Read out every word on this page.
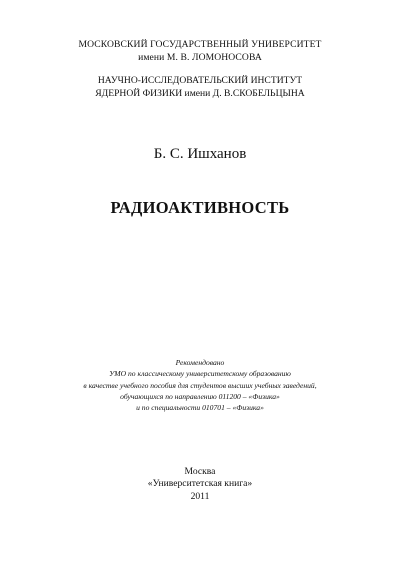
МОСКОВСКИЙ ГОСУДАРСТВЕННЫЙ УНИВЕРСИТЕТ
имени М. В. ЛОМОНОСОВА
НАУЧНО-ИССЛЕДОВАТЕЛЬСКИЙ ИНСТИТУТ
ЯДЕРНОЙ ФИЗИКИ имени Д. В.СКОБЕЛЬЦЫНА
Б. С. Ишханов
РАДИОАКТИВНОСТЬ
Рекомендовано
УМО по классическому университетскому образованию
в качестве учебного пособия для студентов высших учебных заведений,
обучающихся по направлению 011200 – «Физика»
и по специальности 010701 – «Физика»
Москва
«Университетская книга»
2011
